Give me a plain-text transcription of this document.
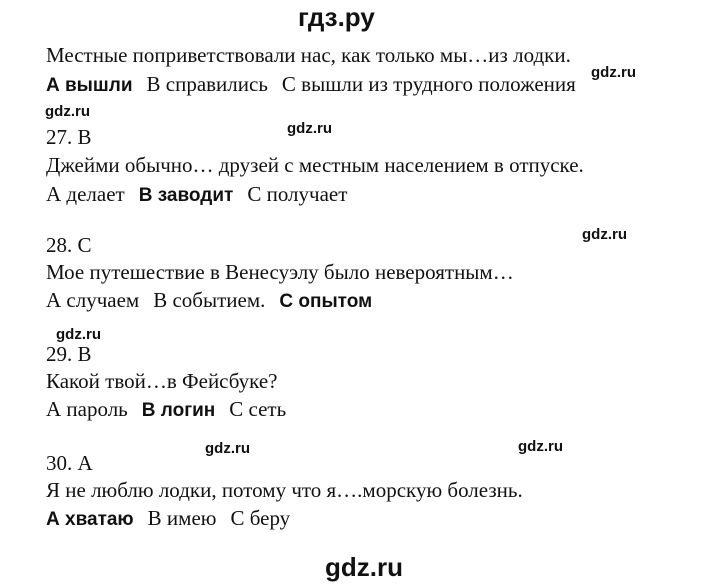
гдз.ру
gdz.ru
gdz.ru
gdz.ru
gdz.ru
gdz.ru
gdz.ru	gdz.ru
Местные поприветствовали нас, как только мы…из лодки.
А вышли В справились С вышли из трудного положения
27. В
Джейми обычно… друзей с местным населением в отпуске.
А делает В заводит С получает
28. С
Мое путешествие в Венесуэлу было невероятным…
А случаем В событием. С опытом
29. В
Какой твой…в Фейсбуке?
А пароль В логин С сеть
30. А
Я не люблю лодки, потому что я….морскую болезнь.
А хватаю В имею С беру
gdz.ru
